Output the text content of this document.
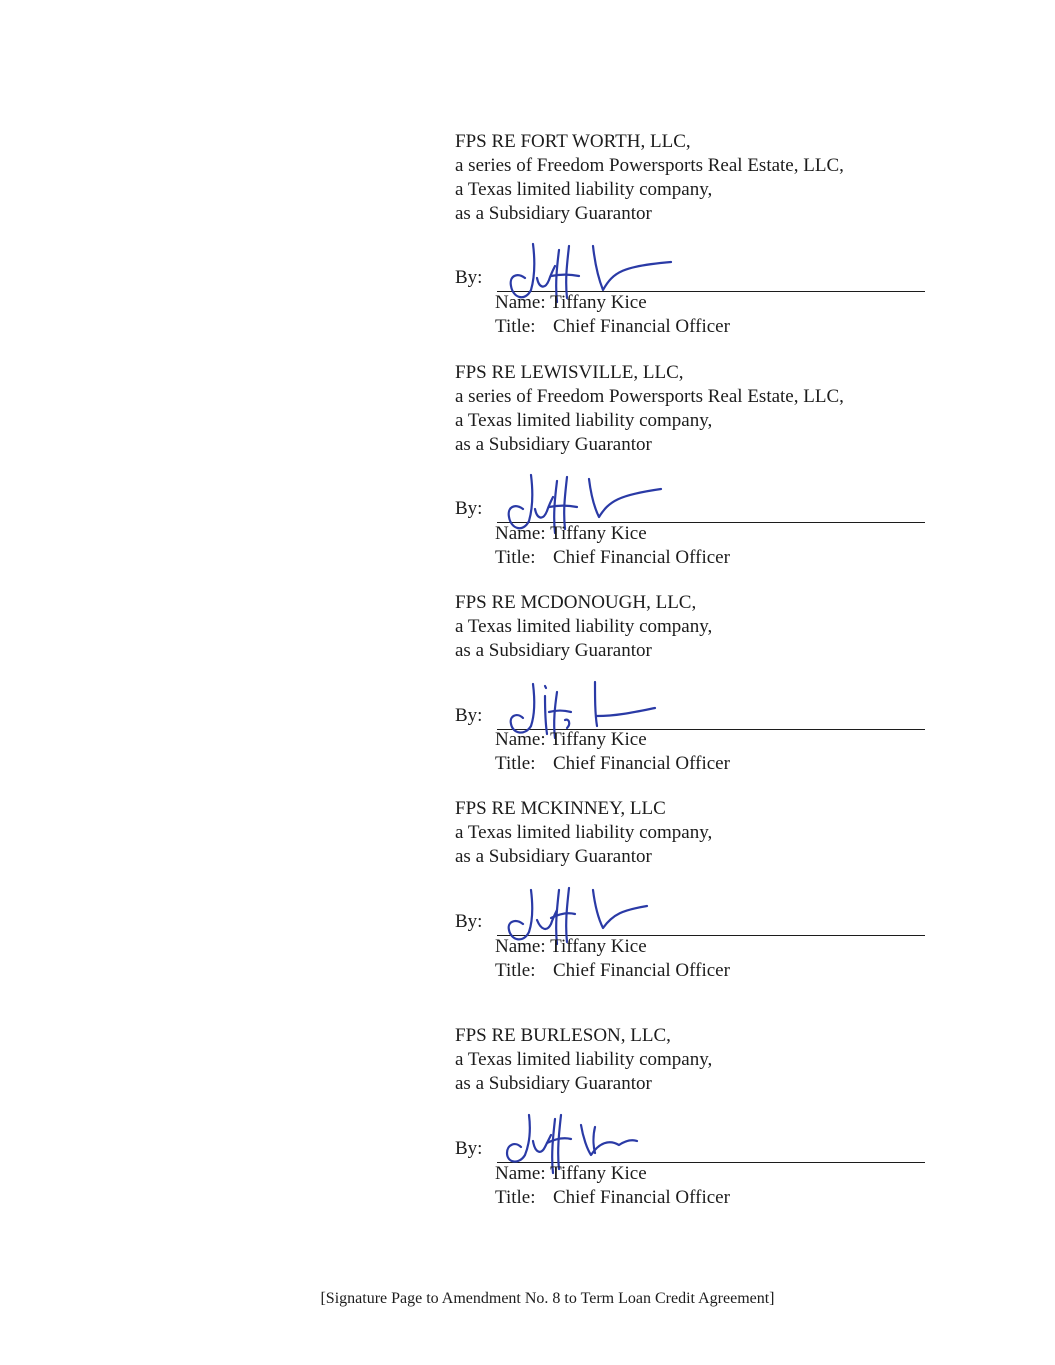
FPS RE FORT WORTH, LLC,
a series of Freedom Powersports Real Estate, LLC,
a Texas limited liability company,
as a Subsidiary Guarantor
By:
Name: Tiffany Kice
Title: Chief Financial Officer
FPS RE LEWISVILLE, LLC,
a series of Freedom Powersports Real Estate, LLC,
a Texas limited liability company,
as a Subsidiary Guarantor
By:
Name: Tiffany Kice
Title: Chief Financial Officer
FPS RE MCDONOUGH, LLC,
a Texas limited liability company,
as a Subsidiary Guarantor
By:
Name: Tiffany Kice
Title: Chief Financial Officer
FPS RE MCKINNEY, LLC
a Texas limited liability company,
as a Subsidiary Guarantor
By:
Name: Tiffany Kice
Title: Chief Financial Officer
FPS RE BURLESON, LLC,
a Texas limited liability company,
as a Subsidiary Guarantor
By:
Name: Tiffany Kice
Title: Chief Financial Officer
[Signature Page to Amendment No. 8 to Term Loan Credit Agreement]
